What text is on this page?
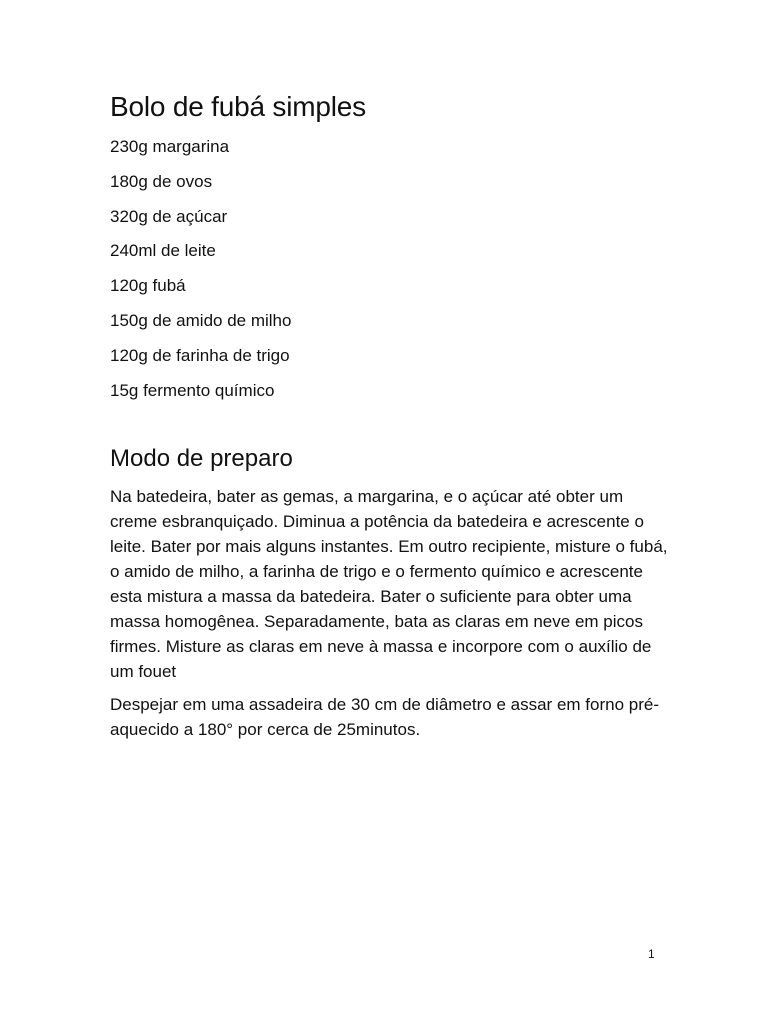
Bolo de fubá simples
230g margarina
180g de ovos
320g de açúcar
240ml de leite
120g fubá
150g de amido de milho
120g de farinha de trigo
15g fermento químico
Modo de preparo

Na batedeira, bater as gemas, a margarina, e o açúcar até obter um creme esbranquiçado. Diminua a potência da batedeira e acrescente o leite. Bater por mais alguns instantes. Em outro recipiente, misture o fubá, o amido de milho, a farinha de trigo e o fermento químico e acrescente esta mistura a massa da batedeira. Bater o suficiente para obter uma massa homogênea. Separadamente, bata as claras em neve em picos firmes. Misture as claras em neve à massa e incorpore com o auxílio de um fouet

Despejar em uma assadeira de 30 cm de diâmetro e assar em forno pré-aquecido a 180° por cerca de 25minutos.

1
